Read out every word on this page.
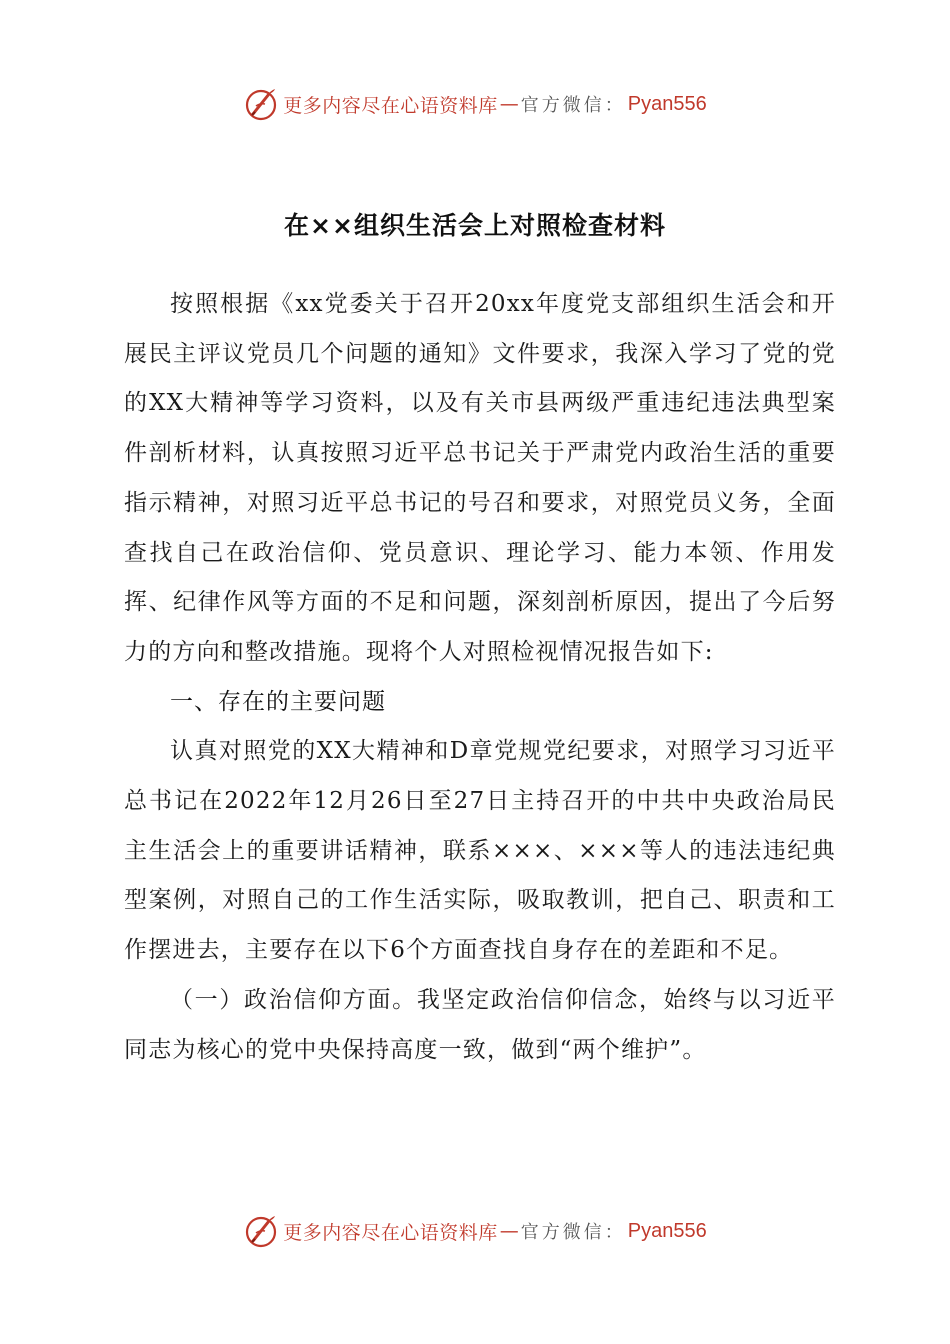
更多内容尽在心语资料库 — 官方微信： Pyan556
在××组织生活会上对照检查材料

按照根据《xx党委关于召开20xx年度党支部组织生活会和开展民主评议党员几个问题的通知》文件要求，我深入学习了党的党的XX大精神等学习资料，以及有关市县两级严重违纪违法典型案件剖析材料，认真按照习近平总书记关于严肃党内政治生活的重要指示精神，对照习近平总书记的号召和要求，对照党员义务，全面查找自己在政治信仰、党员意识、理论学习、能力本领、作用发挥、纪律作风等方面的不足和问题，深刻剖析原因，提出了今后努力的方向和整改措施。现将个人对照检视情况报告如下:

一、存在的主要问题

认真对照党的XX大精神和D章党规党纪要求，对照学习习近平总书记在2022年12月26日至27日主持召开的中共中央政治局民主生活会上的重要讲话精神，联系×××、×××等人的违法违纪典型案例，对照自己的工作生活实际，吸取教训，把自己、职责和工作摆进去，主要存在以下6个方面查找自身存在的差距和不足。

（一）政治信仰方面。我坚定政治信仰信念，始终与以习近平同志为核心的党中央保持高度一致，做到“两个维护”。

更多内容尽在心语资料库 — 官方微信： Pyan556
